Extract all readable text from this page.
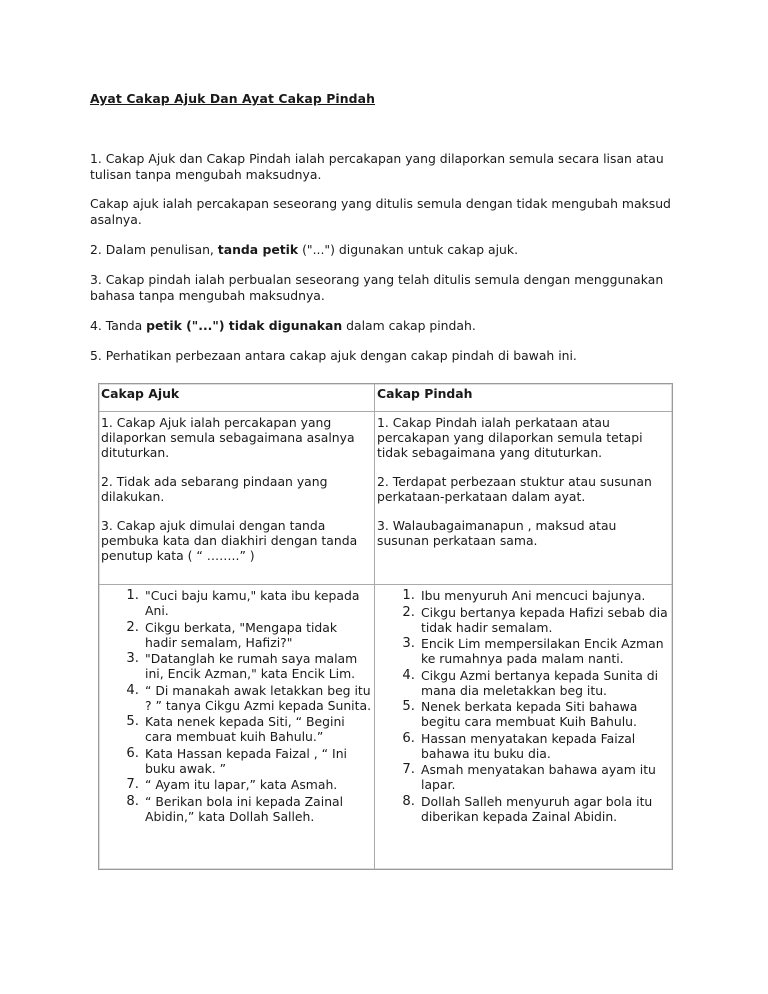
Ayat Cakap Ajuk Dan Ayat Cakap Pindah
1. Cakap Ajuk dan Cakap Pindah ialah percakapan yang dilaporkan semula secara lisan atau tulisan tanpa mengubah maksudnya.
Cakap ajuk ialah percakapan seseorang yang ditulis semula dengan tidak mengubah maksud asalnya.
2. Dalam penulisan, tanda petik ("...") digunakan untuk cakap ajuk.
3. Cakap pindah ialah perbualan seseorang yang telah ditulis semula dengan menggunakan bahasa tanpa mengubah maksudnya.
4. Tanda petik ("...") tidak digunakan dalam cakap pindah.
5. Perhatikan perbezaan antara cakap ajuk dengan cakap pindah di bawah ini.
Cakap Ajuk	Cakap Pindah

1. Cakap Ajuk ialah percakapan yang dilaporkan semula sebagaimana asalnya dituturkan.

2. Tidak ada sebarang pindaan yang dilakukan.

3. Cakap ajuk dimulai dengan tanda pembuka kata dan diakhiri dengan tanda penutup kata ( “ ……..” )

1. Cakap Pindah ialah perkataan atau percakapan yang dilaporkan semula tetapi tidak sebagaimana yang dituturkan.

2. Terdapat perbezaan stuktur atau susunan perkataan-perkataan dalam ayat.

3. Walaubagaimanapun , maksud atau susunan perkataan sama.

"Cuci baju kamu," kata ibu kepada Ani.
Cikgu berkata, "Mengapa tidak hadir semalam, Hafizi?"
"Datanglah ke rumah saya malam ini, Encik Azman," kata Encik Lim.
“ Di manakah awak letakkan beg itu ? ” tanya Cikgu Azmi kepada Sunita.
Kata nenek kepada Siti, “ Begini cara membuat kuih Bahulu.”
Kata Hassan kepada Faizal , “ Ini buku awak. ”
“ Ayam itu lapar,” kata Asmah.
“ Berikan bola ini kepada Zainal Abidin,” kata Dollah Salleh.
Ibu menyuruh Ani mencuci bajunya.
Cikgu bertanya kepada Hafizi sebab dia tidak hadir semalam.
Encik Lim mempersilakan Encik Azman ke rumahnya pada malam nanti.
Cikgu Azmi bertanya kepada Sunita di mana dia meletakkan beg itu.
Nenek berkata kepada Siti bahawa begitu cara membuat Kuih Bahulu.
Hassan menyatakan kepada Faizal bahawa itu buku dia.
Asmah menyatakan bahawa ayam itu lapar.
Dollah Salleh menyuruh agar bola itu diberikan kepada Zainal Abidin.
